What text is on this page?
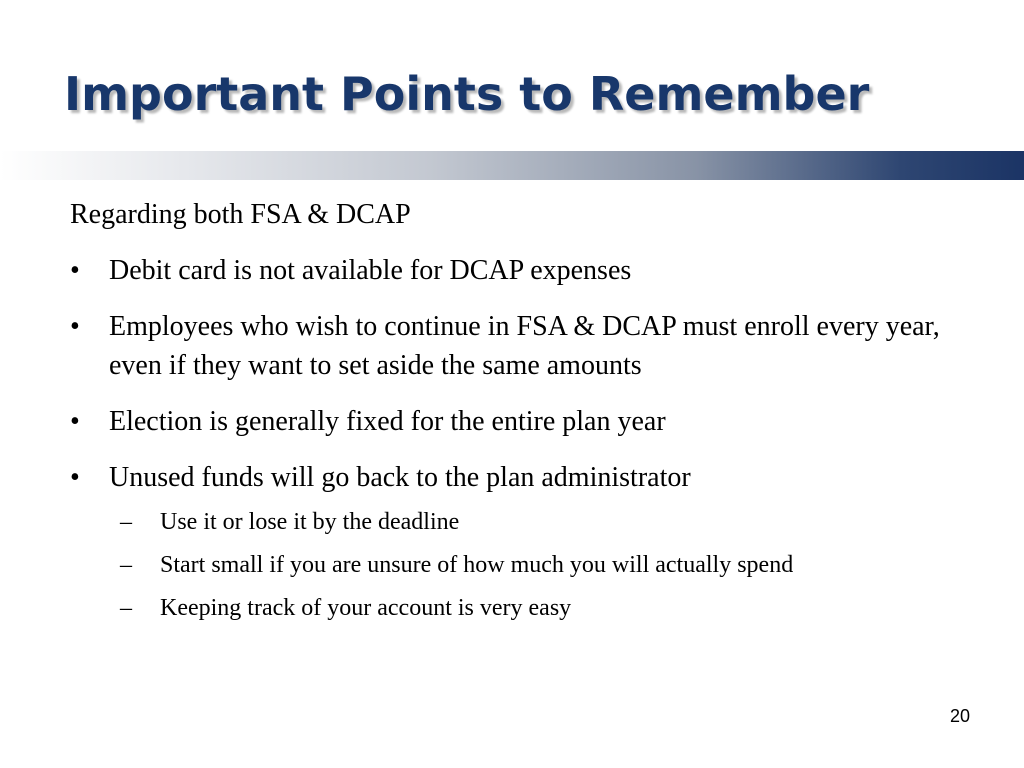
Important Points to Remember

Regarding both FSA & DCAP

• Debit card is not available for DCAP expenses
• Employees who wish to continue in FSA & DCAP must enroll every year, even if they want to set aside the same amounts
• Election is generally fixed for the entire plan year
• Unused funds will go back to the plan administrator
– Use it or lose it by the deadline
– Start small if you are unsure of how much you will actually spend
– Keeping track of your account is very easy
20
